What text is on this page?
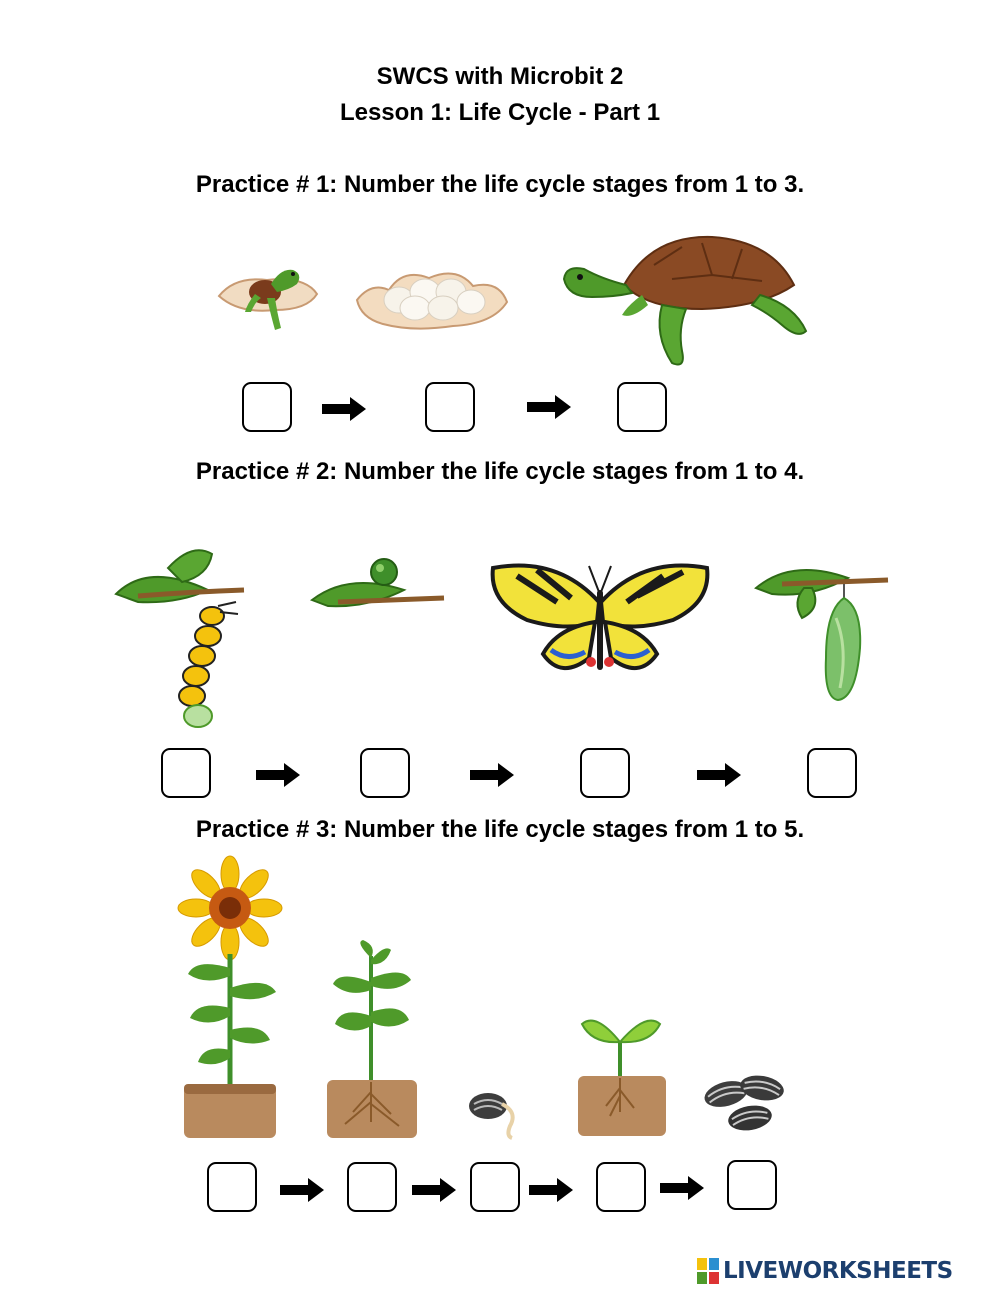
SWCS with Microbit 2
Lesson 1: Life Cycle - Part 1
Practice # 1: Number the life cycle stages from 1 to 3.
Practice # 2: Number the life cycle stages from 1 to 4.
Practice # 3: Number the life cycle stages from 1 to 5.
LIVEWORKSHEETS
